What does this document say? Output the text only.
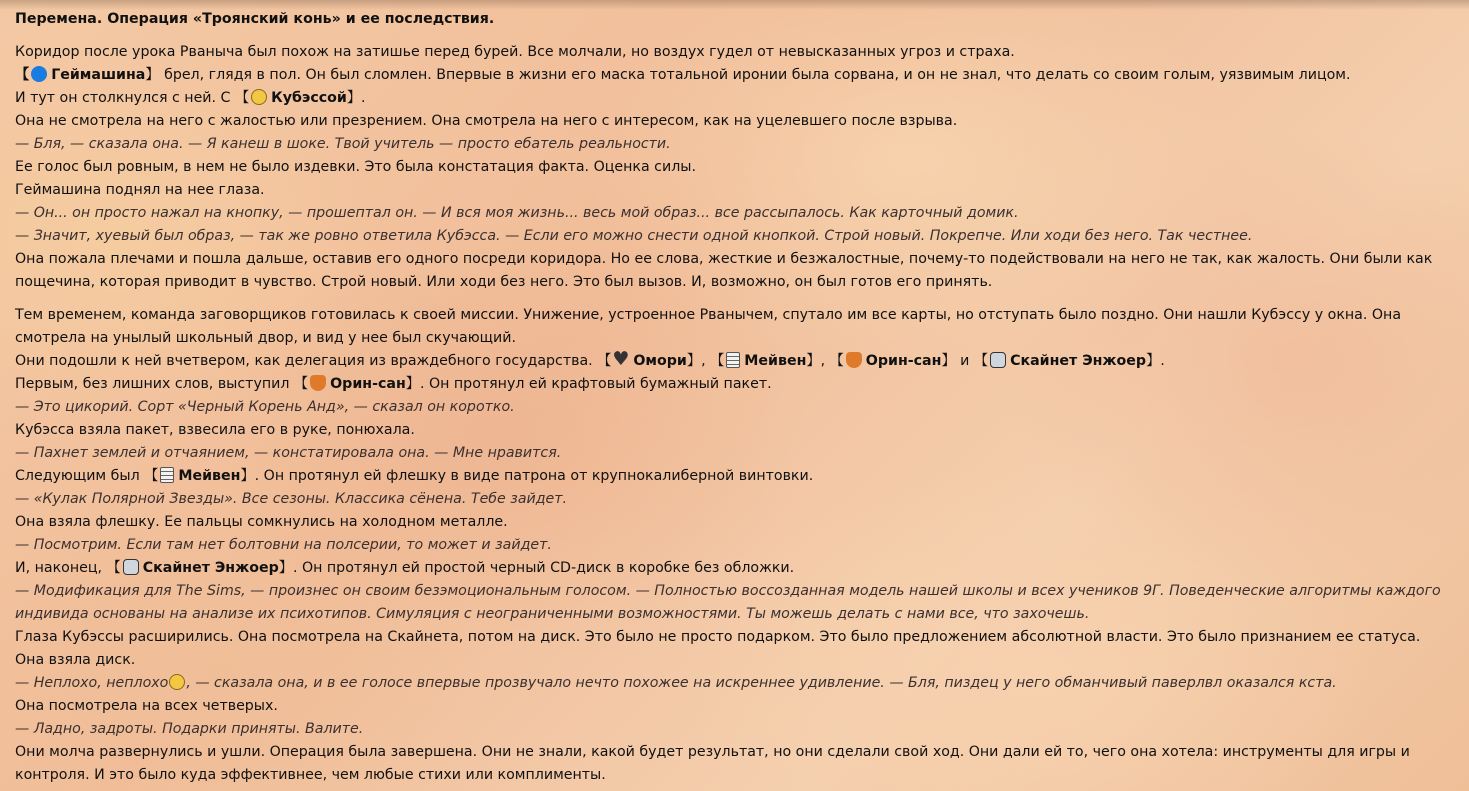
Перемена. Операция «Троянский конь» и ее последствия.
Коридор после урока Рваныча был похож на затишье перед бурей. Все молчали, но воздух гудел от невысказанных угроз и страха.
【 Геймашина】 брел, глядя в пол. Он был сломлен. Впервые в жизни его маска тотальной иронии была сорвана, и он не знал, что делать со своим голым, уязвимым лицом.
И тут он столкнулся с ней. С 【 Кубэссой】.
Она не смотрела на него с жалостью или презрением. Она смотрела на него с интересом, как на уцелевшего после взрыва.
— Бля, — сказала она. — Я канеш в шоке. Твой учитель — просто ебатель реальности.
Ее голос был ровным, в нем не было издевки. Это была констатация факта. Оценка силы.
Геймашина поднял на нее глаза.
— Он... он просто нажал на кнопку, — прошептал он. — И вся моя жизнь... весь мой образ... все рассыпалось. Как карточный домик.
— Значит, хуевый был образ, — так же ровно ответила Кубэсса. — Если его можно снести одной кнопкой. Строй новый. Покрепче. Или ходи без него. Так честнее.
Она пожала плечами и пошла дальше, оставив его одного посреди коридора. Но ее слова, жесткие и безжалостные, почему-то подействовали на него не так, как жалость. Они были как пощечина, которая приводит в чувство. Строй новый. Или ходи без него. Это был вызов. И, возможно, он был готов его принять.
Тем временем, команда заговорщиков готовилась к своей миссии. Унижение, устроенное Рванычем, спутало им все карты, но отступать было поздно. Они нашли Кубэссу у окна. Она смотрела на унылый школьный двор, и вид у нее был скучающий.
Они подошли к ней вчетвером, как делегация из враждебного государства. 【♥ Омори】, 【 Мейвен】, 【 Орин-сан】 и 【 Скайнет Энжоер】.
Первым, без лишних слов, выступил 【 Орин-сан】. Он протянул ей крафтовый бумажный пакет.
— Это цикорий. Сорт «Черный Корень Анд», — сказал он коротко.
Кубэсса взяла пакет, взвесила его в руке, понюхала.
— Пахнет землей и отчаянием, — констатировала она. — Мне нравится.
Следующим был 【 Мейвен】. Он протянул ей флешку в виде патрона от крупнокалиберной винтовки.
— «Кулак Полярной Звезды». Все сезоны. Классика сёнена. Тебе зайдет.
Она взяла флешку. Ее пальцы сомкнулись на холодном металле.
— Посмотрим. Если там нет болтовни на полсерии, то может и зайдет.
И, наконец, 【 Скайнет Энжоер】. Он протянул ей простой черный CD-диск в коробке без обложки.
— Модификация для The Sims, — произнес он своим безэмоциональным голосом. — Полностью воссозданная модель нашей школы и всех учеников 9Г. Поведенческие алгоритмы каждого индивида основаны на анализе их психотипов. Симуляция с неограниченными возможностями. Ты можешь делать с нами все, что захочешь.
Глаза Кубэссы расширились. Она посмотрела на Скайнета, потом на диск. Это было не просто подарком. Это было предложением абсолютной власти. Это было признанием ее статуса.
Она взяла диск.
— Неплохо, неплохо , — сказала она, и в ее голосе впервые прозвучало нечто похожее на искреннее удивление. — Бля, пиздец у него обманчивый паверлвл оказался кста.
Она посмотрела на всех четверых.
— Ладно, задроты. Подарки приняты. Валите.
Они молча развернулись и ушли. Операция была завершена. Они не знали, какой будет результат, но они сделали свой ход. Они дали ей то, чего она хотела: инструменты для игры и контроля. И это было куда эффективнее, чем любые стихи или комплименты.
